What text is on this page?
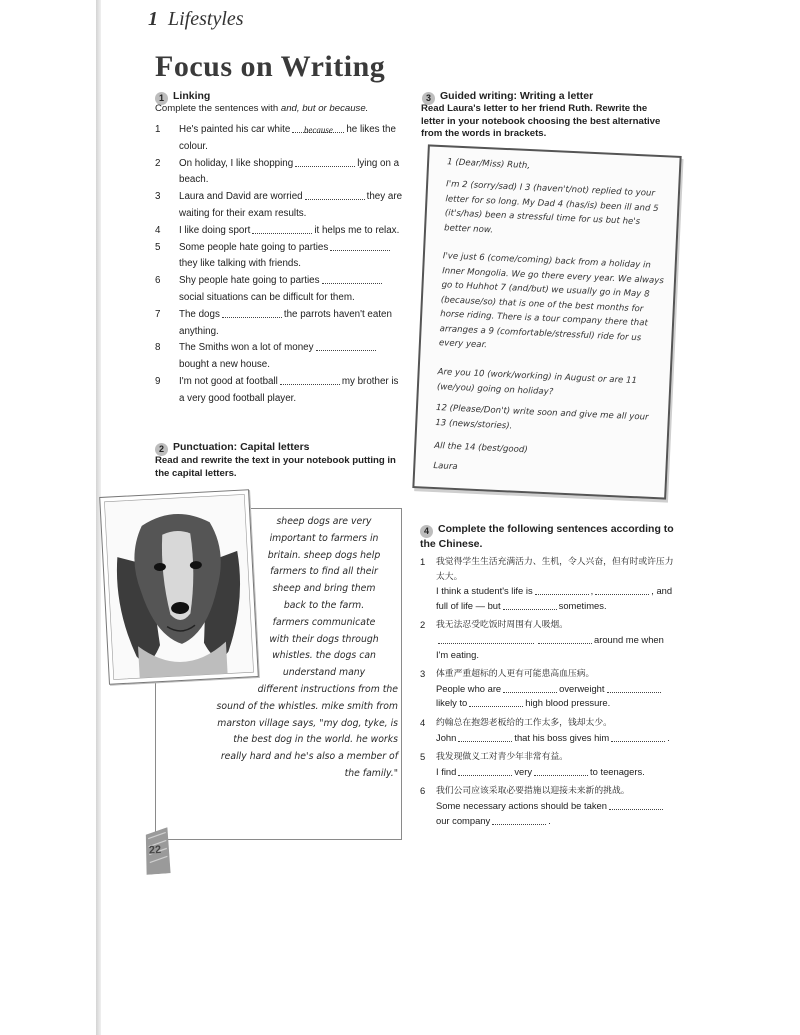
1 Lifestyles
Focus on Writing
1 Linking
Complete the sentences with and, but or because.
1 He's painted his car white because he likes the colour.
2 On holiday, I like shopping	lying on a beach.
3 Laura and David are worried	they are waiting for their exam results.
4 I like doing sport	it helps me to relax.
5 Some people hate going to partiesthey like talking with friends.
6 Shy people hate going to partiessocial situations can be difficult for them.
7 The dogs	the parrots haven't eaten anything.
8 The Smiths won a lot of moneybought a new house.
9 I'm not good at football	my brother is a very good football player.
2 Punctuation: Capital letters
Read and rewrite the text in your notebook putting in the capital letters.
sheep dogs are very
important to farmers in
britain. sheep dogs help
farmers to find all their
sheep and bring them
back to the farm.
farmers communicate
with their dogs through
whistles. the dogs can
understand many
different instructions from the
sound of the whistles. mike smith from
marston village says, "my dog, tyke, is
the best dog in the world. he works
really hard and he's also a member of
the family."
3 Guided writing: Writing a letter
Read Laura's letter to her friend Ruth. Rewrite the letter in your notebook choosing the best alternative from the words in brackets.

1 (Dear/Miss) Ruth,

I'm 2 (sorry/sad) I 3 (haven't/not) replied to your letter for so long. My Dad 4 (has/is) been ill and 5 (it's/has) been a stressful time for us but he's better now.

I've just 6 (come/coming) back from a holiday in Inner Mongolia. We go there every year. We always go to Huhhot 7 (and/but) we usually go in May 8 (because/so) that is one of the best months for horse riding. There is a tour company there that arranges a 9 (comfortable/stressful) ride for us every year.

Are you 10 (work/working) in August or are 11 (we/you) going on holiday?

12 (Please/Don't) write soon and give me all your 13 (news/stories).

All the 14 (best/good)

Laura

4 Complete the following sentences according to the Chinese.
1 我觉得学生生活充满活力、生机，令人兴奋，但有时或许压力太大。
I think a student's life is	,	, and full of life — but	sometimes.
2 我无法忍受吃饭时周围有人吸烟。
around me when I'm eating.
3 体重严重超标的人更有可能患高血压病。
People who are	overweightlikely to	high blood pressure.
4 约翰总在抱怨老板给的工作太多，钱却太少。
John	that his boss gives him	.
5 我发现做义工对青少年非常有益。
I find	very	to teenagers.
6 我们公司应该采取必要措施以迎接未来新的挑战。
Some necessary actions should be takenour company	.
22
